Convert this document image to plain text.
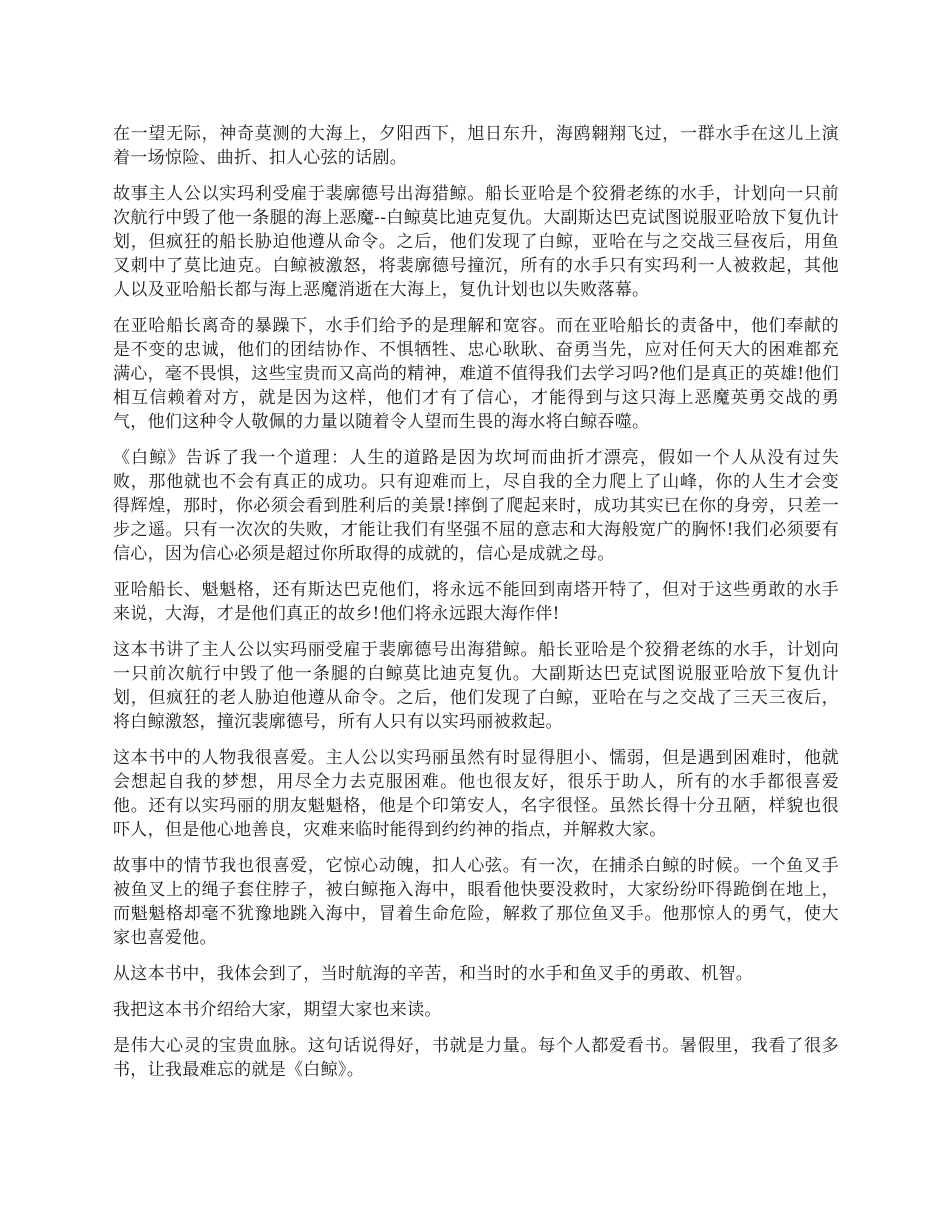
在一望无际，神奇莫测的大海上，夕阳西下，旭日东升，海鸥翱翔飞过，一群水手在这儿上演着一场惊险、曲折、扣人心弦的话剧。

故事主人公以实玛利受雇于裴廓德号出海猎鲸。船长亚哈是个狡猾老练的水手，计划向一只前次航行中毁了他一条腿的海上恶魔--白鲸莫比迪克复仇。大副斯达巴克试图说服亚哈放下复仇计划，但疯狂的船长胁迫他遵从命令。之后，他们发现了白鲸，亚哈在与之交战三昼夜后，用鱼叉刺中了莫比迪克。白鲸被激怒，将裴廓德号撞沉，所有的水手只有实玛利一人被救起，其他人以及亚哈船长都与海上恶魔消逝在大海上，复仇计划也以失败落幕。

在亚哈船长离奇的暴躁下，水手们给予的是理解和宽容。而在亚哈船长的责备中，他们奉献的是不变的忠诚，他们的团结协作、不惧牺牲、忠心耿耿、奋勇当先，应对任何天大的困难都充满心，毫不畏惧，这些宝贵而又高尚的精神，难道不值得我们去学习吗?他们是真正的英雄!他们相互信赖着对方，就是因为这样，他们才有了信心，才能得到与这只海上恶魔英勇交战的勇气，他们这种令人敬佩的力量以随着令人望而生畏的海水将白鲸吞噬。

《白鲸》告诉了我一个道理：人生的道路是因为坎坷而曲折才漂亮，假如一个人从没有过失败，那他就也不会有真正的成功。只有迎难而上，尽自我的全力爬上了山峰，你的人生才会变得辉煌，那时，你必须会看到胜利后的美景!摔倒了爬起来时，成功其实已在你的身旁，只差一步之遥。只有一次次的失败，才能让我们有坚强不屈的意志和大海般宽广的胸怀!我们必须要有信心，因为信心必须是超过你所取得的成就的，信心是成就之母。

亚哈船长、魁魁格，还有斯达巴克他们，将永远不能回到南塔开特了，但对于这些勇敢的水手来说，大海，才是他们真正的故乡!他们将永远跟大海作伴!

这本书讲了主人公以实玛丽受雇于裴廓德号出海猎鲸。船长亚哈是个狡猾老练的水手，计划向一只前次航行中毁了他一条腿的白鲸莫比迪克复仇。大副斯达巴克试图说服亚哈放下复仇计划，但疯狂的老人胁迫他遵从命令。之后，他们发现了白鲸，亚哈在与之交战了三天三夜后，将白鲸激怒，撞沉裴廓德号，所有人只有以实玛丽被救起。

这本书中的人物我很喜爱。主人公以实玛丽虽然有时显得胆小、懦弱，但是遇到困难时，他就会想起自我的梦想，用尽全力去克服困难。他也很友好，很乐于助人，所有的水手都很喜爱他。还有以实玛丽的朋友魁魁格，他是个印第安人，名字很怪。虽然长得十分丑陋，样貌也很吓人，但是他心地善良，灾难来临时能得到约约神的指点，并解救大家。

故事中的情节我也很喜爱，它惊心动魄，扣人心弦。有一次，在捕杀白鲸的时候。一个鱼叉手被鱼叉上的绳子套住脖子，被白鲸拖入海中，眼看他快要没救时，大家纷纷吓得跪倒在地上，而魁魁格却毫不犹豫地跳入海中，冒着生命危险，解救了那位鱼叉手。他那惊人的勇气，使大家也喜爱他。

从这本书中，我体会到了，当时航海的辛苦，和当时的水手和鱼叉手的勇敢、机智。

我把这本书介绍给大家，期望大家也来读。

是伟大心灵的宝贵血脉。这句话说得好，书就是力量。每个人都爱看书。暑假里，我看了很多书，让我最难忘的就是《白鲸》。
